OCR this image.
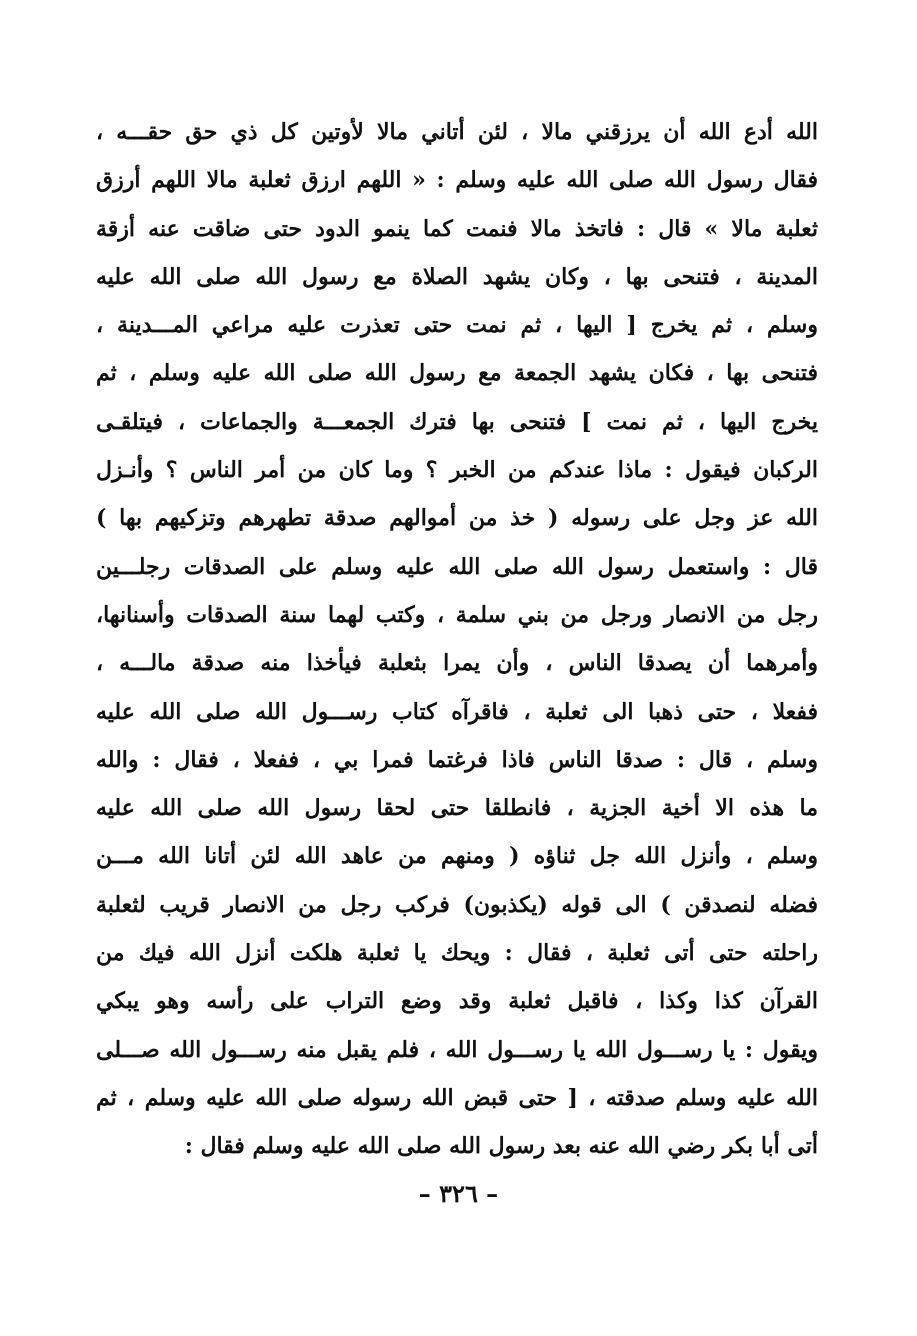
الله أدع الله أن يرزقني مالا ، لئن أتاني مالا لأوتين كل ذي حق حقـــه ،
فقال رسول الله صلى الله عليه وسلم : « اللهم ارزق ثعلبة مالا اللهم أرزق
ثعلبة مالا » قال : فاتخذ مالا فنمت كما ينمو الدود حتى ضاقت عنه أزقة
المدينة ، فتنحى بها ، وكان يشهد الصلاة مع رسول الله صلى الله عليه
وسلم ، ثم يخرج [ اليها ، ثم نمت حتى تعذرت عليه مراعي المـــدينة ،
فتنحى بها ، فكان يشهد الجمعة مع رسول الله صلى الله عليه وسلم ، ثم
يخرج اليها ، ثم نمت ] فتنحى بها فترك الجمعـــة والجماعات ، فيتلقـى
الركبان فيقول : ماذا عندكم من الخبر ؟ وما كان من أمر الناس ؟ وأنـزل
الله عز وجل على رسوله ( خذ من أموالهم صدقة تطهرهم وتزكيهم بها )
قال : واستعمل رسول الله صلى الله عليه وسلم على الصدقات رجلـــين
رجل من الانصار ورجل من بني سلمة ، وكتب لهما سنة الصدقات وأسنانها،
وأمرهما أن يصدقا الناس ، وأن يمرا بثعلبة فيأخذا منه صدقة مالـــه ،
ففعلا ، حتى ذهبا الى ثعلبة ، فاقرآه كتاب رســـول الله صلى الله عليه
وسلم ، قال : صدقا الناس فاذا فرغتما فمرا بي ، ففعلا ، فقال : والله
ما هذه الا أخية الجزية ، فانطلقا حتى لحقا رسول الله صلى الله عليه
وسلم ، وأنزل الله جل ثناؤه ( ومنهم من عاهد الله لئن أتانا الله مـــن
فضله لنصدقن ) الى قوله (يكذبون) فركب رجل من الانصار قريب لثعلبة
راحلته حتى أتى ثعلبة ، فقال : ويحك يا ثعلبة هلكت أنزل الله فيك من
القرآن كذا وكذا ، فاقبل ثعلبة وقد وضع التراب على رأسه وهو يبكي
ويقول : يا رســـول الله يا رســـول الله ، فلم يقبل منه رســـول الله صـــلى
الله عليه وسلم صدقته ، [ حتى قبض الله رسوله صلى الله عليه وسلم ، ثم
أتى أبا بكر رضي الله عنه بعد رسول الله صلى الله عليه وسلم فقال :
– ٣٢٦ –
